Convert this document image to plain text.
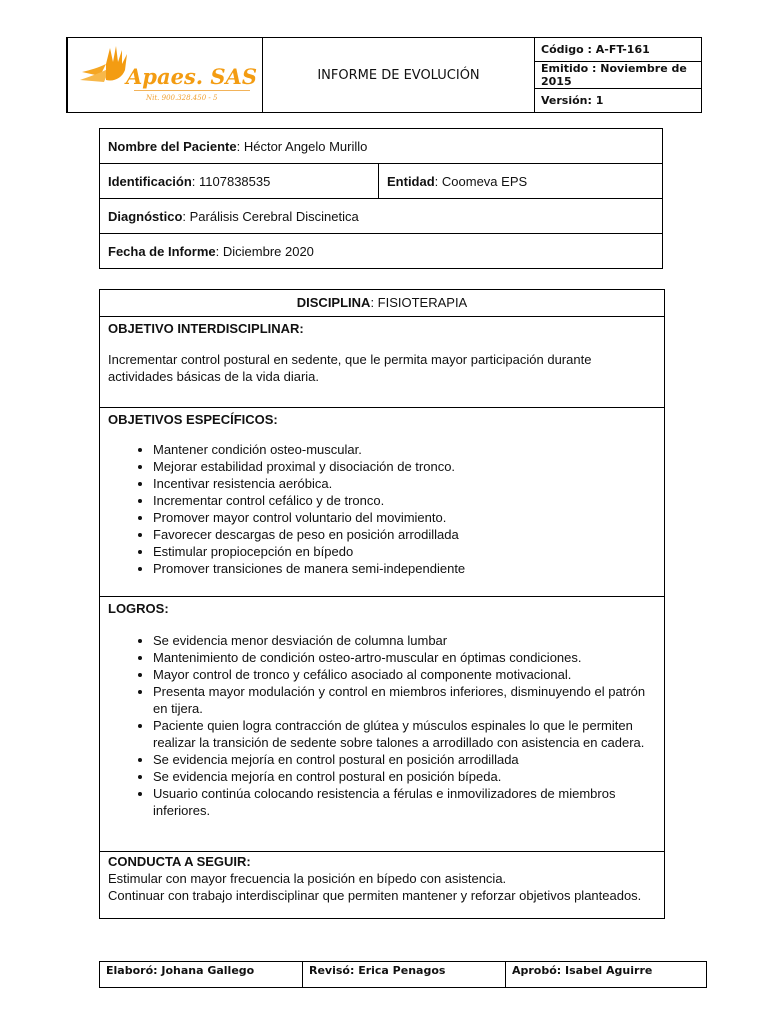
Apaes. SAS
Nit. 900.328.450 - 5
	INFORME DE EVOLUCIÓN	Código : A-FT-161
Emitido : Noviembre de 2015
Versión: 1
Nombre del Paciente: Héctor Angelo Murillo
Identificación: 1107838535	Entidad: Coomeva EPS
Diagnóstico: Parálisis Cerebral Discinetica
Fecha de Informe: Diciembre 2020
DISCIPLINA: FISIOTERAPIA

OBJETIVO INTERDISCIPLINAR:

Incrementar control postural en sedente, que le permita mayor participación durante actividades básicas de la vida diaria.

OBJETIVOS ESPECÍFICOS:

• Mantener condición osteo-muscular.
• Mejorar estabilidad proximal y disociación de tronco.
• Incentivar resistencia aeróbica.
• Incrementar control cefálico y de tronco.
• Promover mayor control voluntario del movimiento.
• Favorecer descargas de peso en posición arrodillada
• Estimular propiocepción en bípedo
• Promover transiciones de manera semi-independiente

LOGROS:

• Se evidencia menor desviación de columna lumbar
• Mantenimiento de condición osteo-artro-muscular en óptimas condiciones.
• Mayor control de tronco y cefálico asociado al componente motivacional.
• Presenta mayor modulación y control en miembros inferiores, disminuyendo el patrón en tijera.
• Paciente quien logra contracción de glútea y músculos espinales lo que le permiten realizar la transición de sedente sobre talones a arrodillado con asistencia en cadera.
• Se evidencia mejoría en control postural en posición arrodillada
• Se evidencia mejoría en control postural en posición bípeda.
• Usuario continúa colocando resistencia a férulas e inmovilizadores de miembros inferiores.

CONDUCTA A SEGUIR:

Estimular con mayor frecuencia la posición en bípedo con asistencia.

Continuar con trabajo interdisciplinar que permiten mantener y reforzar objetivos planteados.

Elaboró: Johana Gallego	Revisó: Erica Penagos	Aprobó: Isabel Aguirre
